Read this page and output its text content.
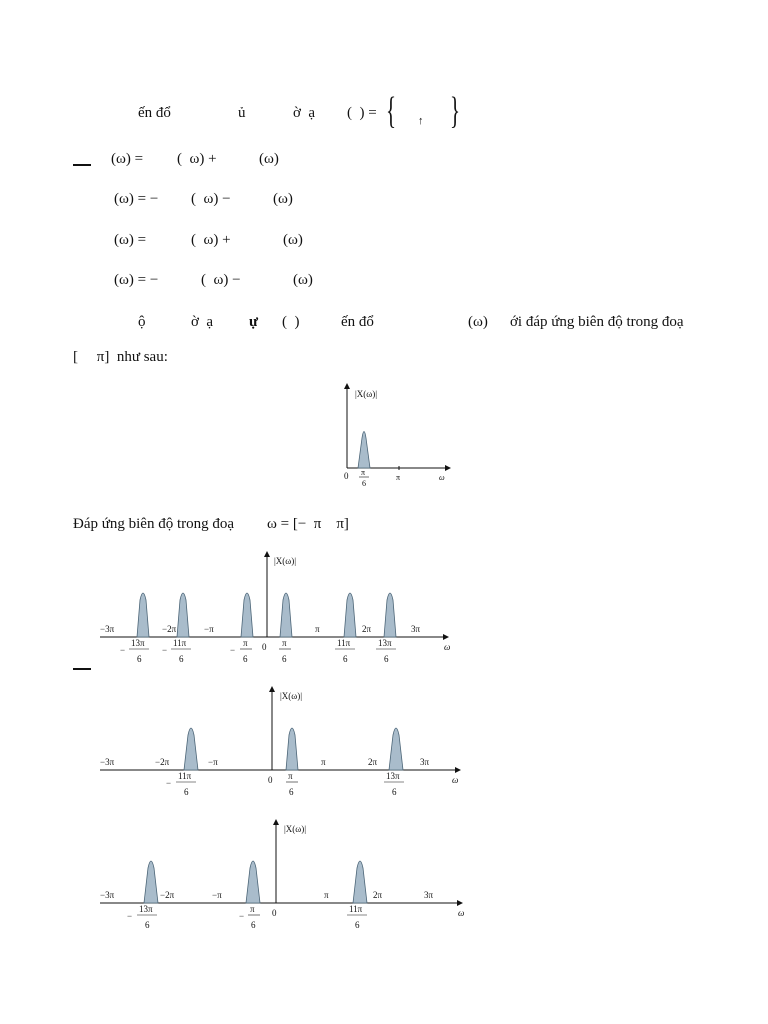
ến đổ	ủ	ờ  ạ (  ) = { ↑ }
(ω) = (  ω) +	(ω)
(ω) = − (  ω) −	(ω)
(ω) =	(  ω) +	(ω)
(ω) = −	(  ω) −	(ω)
ộ	ờ  ạ ự (  )	ến đổ	(ω) ới đáp ứng biên độ trong đoạ
[     π]  như sau:
|X(ω)|
0 π
6
π	ω
Đáp ứng biên độ trong đoạ ω = [−  π    π]
|X(ω)|
−3π	−2π	−π
0
π	2π	3π
−
13π
6
−
11π
6
−
π
6
π
6
11π
6
13π
6
ω
|X(ω)|
−3π	−2π	−π
0
π	2π	3π
−
11π
6
π
6
13π
6
ω
|X(ω)|
−3π	−2π	−π
0
π	2π	3π
−
13π
6
−
π
6
11π
6
ω
